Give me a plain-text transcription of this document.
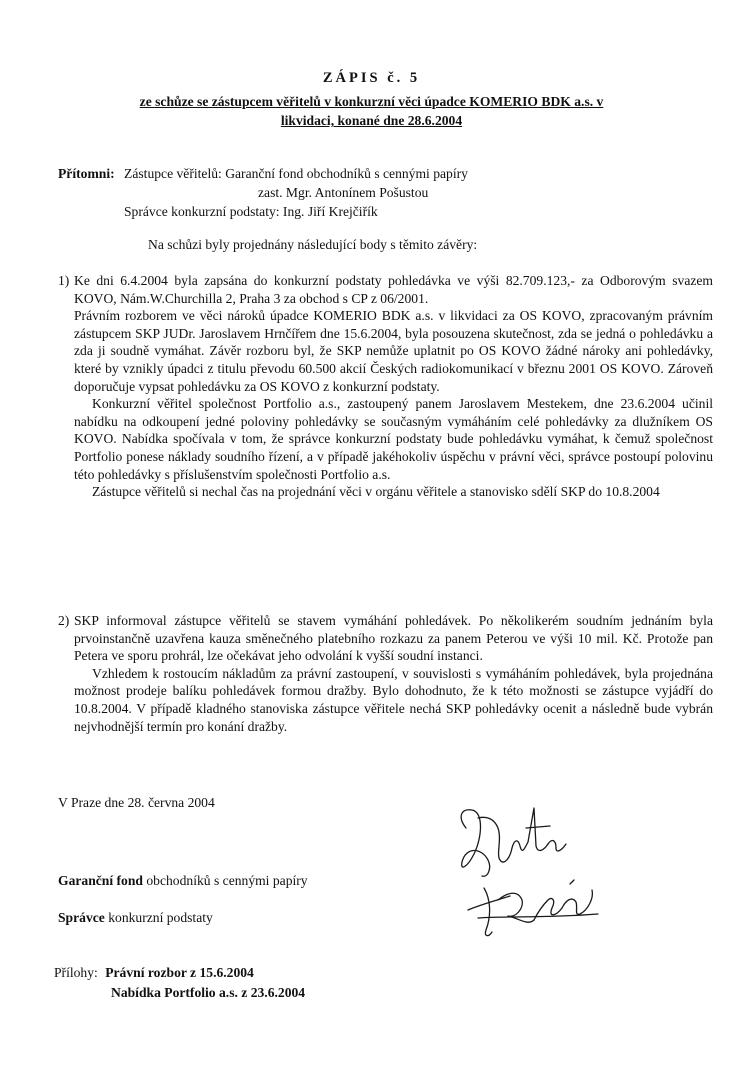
ZÁPIS č. 5
ze schůze se zástupcem věřitelů v konkurzní věci úpadce KOMERIO BDK a.s. v
likvidaci, konané dne 28.6.2004
Přítomni: Zástupce věřitelů: Garanční fond obchodníků s cennými papíry
zast. Mgr. Antonínem Pošustou
Správce konkurzní podstaty: Ing. Jiří Krejčiřík
Na schůzi byly projednány následující body s těmito závěry:
1) Ke dni 6.4.2004 byla zapsána do konkurzní podstaty pohledávka ve výši 82.709.123,- za Odborovým svazem KOVO, Nám.W.Churchilla 2, Praha 3 za obchod s CP z 06/2001.

Právním rozborem ve věci nároků úpadce KOMERIO BDK a.s. v likvidaci za OS KOVO, zpracovaným právním zástupcem SKP JUDr. Jaroslavem Hrnčířem dne 15.6.2004, byla posouzena skutečnost, zda se jedná o pohledávku a zda ji soudně vymáhat. Závěr rozboru byl, že SKP nemůže uplatnit po OS KOVO žádné nároky ani pohledávky, které by vznikly úpadci z titulu převodu 60.500 akcií Českých radiokomunikací v březnu 2001 OS KOVO. Zároveň doporučuje vypsat pohledávku za OS KOVO z konkurzní podstaty.

Konkurzní věřitel společnost Portfolio a.s., zastoupený panem Jaroslavem Mestekem, dne 23.6.2004 učinil nabídku na odkoupení jedné poloviny pohledávky se současným vymáháním celé pohledávky za dlužníkem OS KOVO. Nabídka spočívala v tom, že správce konkurzní podstaty bude pohledávku vymáhat, k čemuž společnost Portfolio ponese náklady soudního řízení, a v případě jakéhokoliv úspěchu v právní věci, správce postoupí polovinu této pohledávky s příslušenstvím společnosti Portfolio a.s.

Zástupce věřitelů si nechal čas na projednání věci v orgánu věřitele a stanovisko sdělí SKP do 10.8.2004

2) SKP informoval zástupce věřitelů se stavem vymáhání pohledávek. Po několikerém soudním jednáním byla prvoinstančně uzavřena kauza směnečného platebního rozkazu za panem Peterou ve výši 10 mil. Kč. Protože pan Petera ve sporu prohrál, lze očekávat jeho odvolání k vyšší soudní instanci.

Vzhledem k rostoucím nákladům za právní zastoupení, v souvislosti s vymáháním pohledávek, byla projednána možnost prodeje balíku pohledávek formou dražby. Bylo dohodnuto, že k této možnosti se zástupce vyjádří do 10.8.2004. V případě kladného stanoviska zástupce věřitele nechá SKP pohledávky ocenit a následně bude vybrán nejvhodnější termín pro konání dražby.

V Praze dne 28. června 2004
Garanční fond obchodníků s cennými papíry
Správce konkurzní podstaty
Přílohy: Právní rozbor z 15.6.2004
Nabídka Portfolio a.s. z 23.6.2004
